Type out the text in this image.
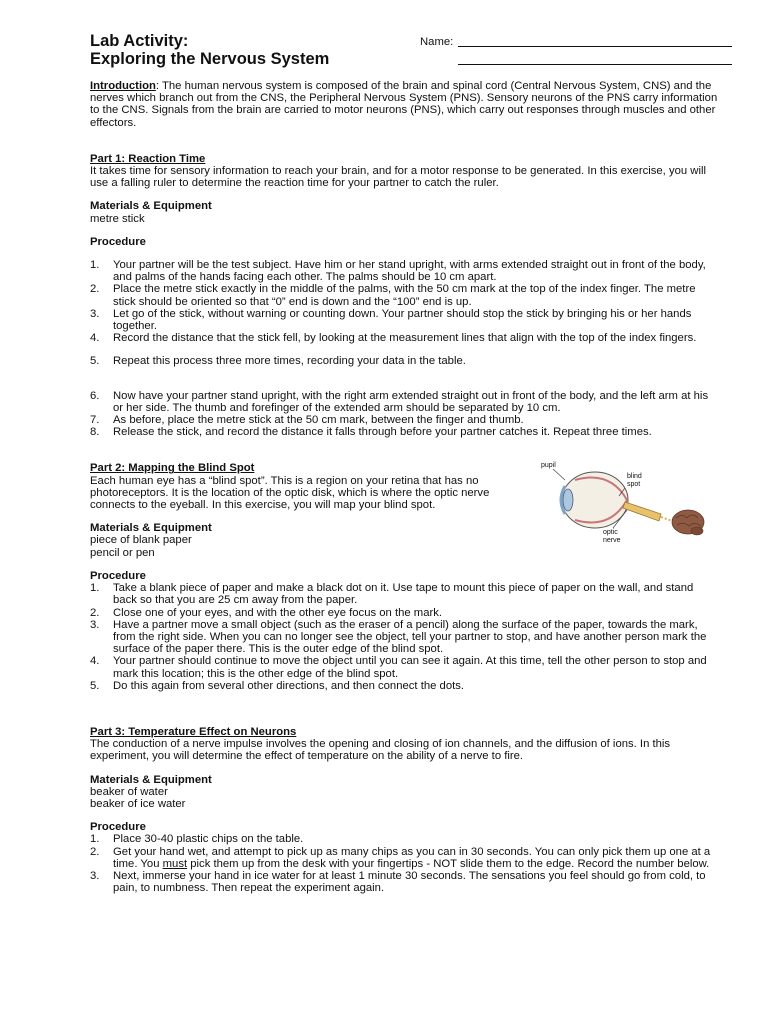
Name:
Lab Activity:
Exploring the Nervous System

Introduction: The human nervous system is composed of the brain and spinal cord (Central Nervous System, CNS) and the nerves which branch out from the CNS, the Peripheral Nervous System (PNS). Sensory neurons of the PNS carry information to the CNS. Signals from the brain are carried to motor neurons (PNS), which carry out responses through muscles and other effectors.

Part 1: Reaction Time

It takes time for sensory information to reach your brain, and for a motor response to be generated. In this exercise, you will use a falling ruler to determine the reaction time for your partner to catch the ruler.

Materials & Equipment
metre stick
Procedure
1. Your partner will be the test subject. Have him or her stand upright, with arms extended straight out in front of the body, and palms of the hands facing each other. The palms should be 10 cm apart.
2. Place the metre stick exactly in the middle of the palms, with the 50 cm mark at the top of the index finger. The metre stick should be oriented so that “0” end is down and the “100” end is up.
3. Let go of the stick, without warning or counting down. Your partner should stop the stick by bringing his or her hands together.
4. Record the distance that the stick fell, by looking at the measurement lines that align with the top of the index fingers.
5. Repeat this process three more times, recording your data in the table.
6. Now have your partner stand upright, with the right arm extended straight out in front of the body, and the left arm at his or her side. The thumb and forefinger of the extended arm should be separated by 10 cm.
7. As before, place the metre stick at the 50 cm mark, between the finger and thumb.
8. Release the stick, and record the distance it falls through before your partner catches it. Repeat three times.
Part 2: Mapping the Blind Spot

Each human eye has a “blind spot”. This is a region on your retina that has no photoreceptors. It is the location of the optic disk, which is where the optic nerve connects to the eyeball. In this exercise, you will map your blind spot.

pupil
blind
spot
optic
nerve
Materials & Equipment
piece of blank paper
pencil or pen
Procedure
1. Take a blank piece of paper and make a black dot on it. Use tape to mount this piece of paper on the wall, and stand back so that you are 25 cm away from the paper.
2. Close one of your eyes, and with the other eye focus on the mark.
3. Have a partner move a small object (such as the eraser of a pencil) along the surface of the paper, towards the mark, from the right side. When you can no longer see the object, tell your partner to stop, and have another person mark the surface of the paper there. This is the outer edge of the blind spot.
4. Your partner should continue to move the object until you can see it again. At this time, tell the other person to stop and mark this location; this is the other edge of the blind spot.
5. Do this again from several other directions, and then connect the dots.
Part 3: Temperature Effect on Neurons

The conduction of a nerve impulse involves the opening and closing of ion channels, and the diffusion of ions. In this experiment, you will determine the effect of temperature on the ability of a nerve to fire.

Materials & Equipment
beaker of water
beaker of ice water
Procedure
1. Place 30-40 plastic chips on the table.
2. Get your hand wet, and attempt to pick up as many chips as you can in 30 seconds. You can only pick them up one at a time. You must pick them up from the desk with your fingertips - NOT slide them to the edge. Record the number below.
3. Next, immerse your hand in ice water for at least 1 minute 30 seconds. The sensations you feel should go from cold, to pain, to numbness. Then repeat the experiment again.
